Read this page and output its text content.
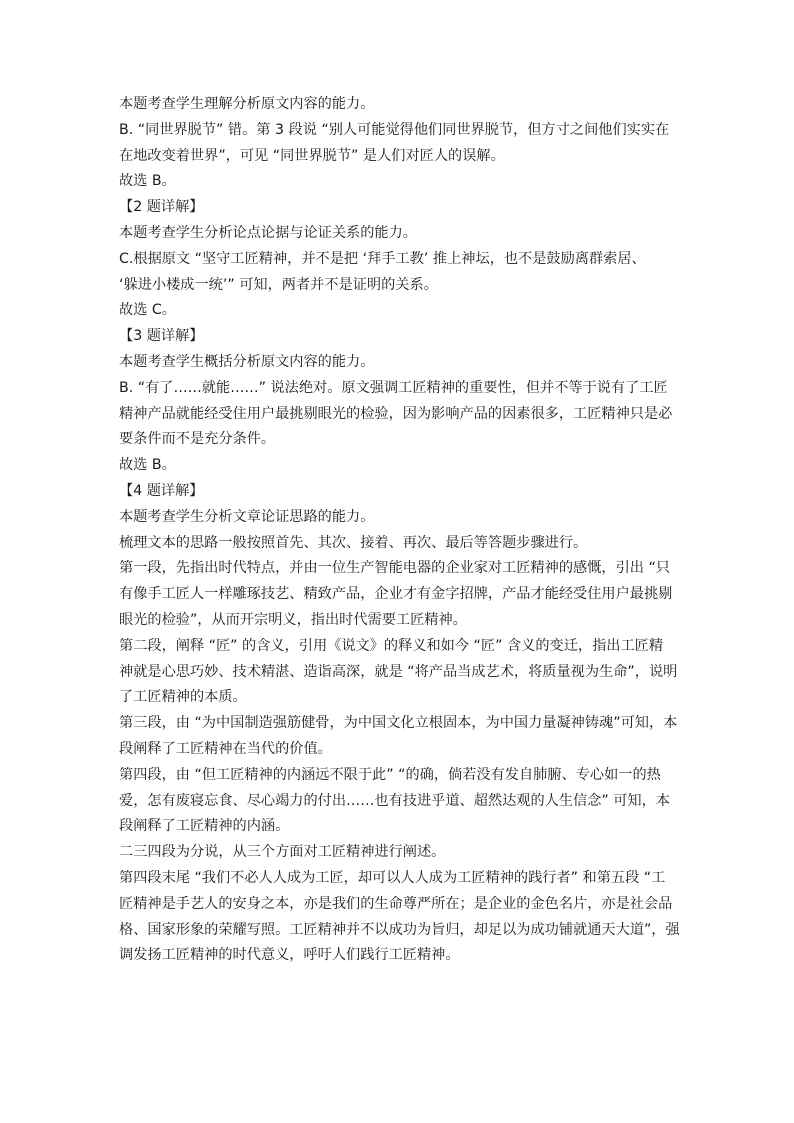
本题考查学生理解分析原文内容的能力。
B. “同世界脱节” 错。第 3 段说 “别人可能觉得他们同世界脱节，但方寸之间他们实实在
在地改变着世界”，可见 “同世界脱节” 是人们对匠人的误解。
故选 B。
【2 题详解】
本题考查学生分析论点论据与论证关系的能力。
C.根据原文 “坚守工匠精神，并不是把 ‘拜手工教’ 推上神坛，也不是鼓励离群索居、
‘躲进小楼成一统’” 可知，两者并不是证明的关系。
故选 C。
【3 题详解】
本题考查学生概括分析原文内容的能力。
B. “有了……就能……” 说法绝对。原文强调工匠精神的重要性，但并不等于说有了工匠
精神产品就能经受住用户最挑剔眼光的检验，因为影响产品的因素很多，工匠精神只是必
要条件而不是充分条件。
故选 B。
【4 题详解】
本题考查学生分析文章论证思路的能力。
梳理文本的思路一般按照首先、其次、接着、再次、最后等答题步骤进行。
第一段，先指出时代特点，并由一位生产智能电器的企业家对工匠精神的感慨，引出 “只
有像手工匠人一样雕琢技艺、精致产品，企业才有金字招牌，产品才能经受住用户最挑剔
眼光的检验”，从而开宗明义，指出时代需要工匠精神。
第二段，阐释 “匠” 的含义，引用《说文》的释义和如今 “匠” 含义的变迁，指出工匠精
神就是心思巧妙、技术精湛、造诣高深，就是 “将产品当成艺术，将质量视为生命”，说明
了工匠精神的本质。
第三段，由 “为中国制造强筋健骨，为中国文化立根固本，为中国力量凝神铸魂”可知，本
段阐释了工匠精神在当代的价值。
第四段，由 “但工匠精神的内涵远不限于此” “的确，倘若没有发自肺腑、专心如一的热
爱，怎有废寝忘食、尽心竭力的付出……也有技进乎道、超然达观的人生信念” 可知，本
段阐释了工匠精神的内涵。
二三四段为分说，从三个方面对工匠精神进行阐述。
第四段末尾 “我们不必人人成为工匠，却可以人人成为工匠精神的践行者” 和第五段 “工
匠精神是手艺人的安身之本，亦是我们的生命尊严所在；是企业的金色名片，亦是社会品
格、国家形象的荣耀写照。工匠精神并不以成功为旨归，却足以为成功铺就通天大道”，强
调发扬工匠精神的时代意义，呼吁人们践行工匠精神。
